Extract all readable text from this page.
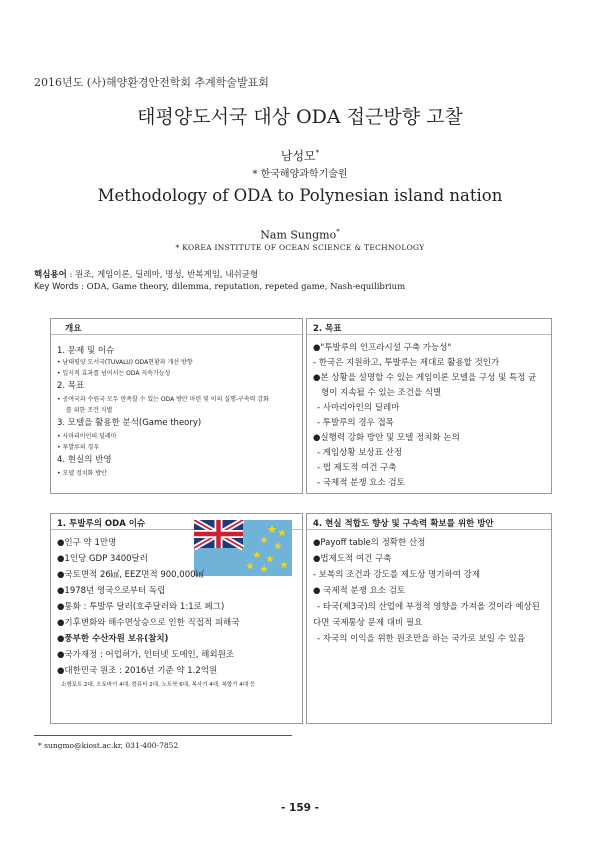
2016년도 (사)해양환경안전학회 추계학술발표회
태평양도서국 대상 ODA 접근방향 고찰
남성모*
* 한국해양과학기술원
Methodology of ODA to Polynesian island nation
Nam Sungmo*
* KOREA INSTITUTE OF OCEAN SCIENCE & TECHNOLOGY
핵심용어 : 원조, 게임이론, 딜레마, 명성, 반복게임, 내쉬균형
Key Words : ODA, Game theory, dilemma, reputation, repeted game, Nash-equilibrium
개요
1. 문제 및 이슈
• 남태평양 도서국(TUVALU) ODA현황과 개선 방향
• 일시적 효과를 넘어서는 ODA 지속가능성
2. 목표
• 공여국과 수원국 모두 만족할 수 있는 ODA 방안 마련 및 이의 실행-구속력 강화
를 위한 조건 식별
3. 모델을 활용한 분석(Game theory)
• 사마리아인의 딜레마
• 투발루의 경우
4. 현실의 반영
• 모델 정치화 방안
2. 목표
●"투발루의 인프라시설 구축 가능성"
- 한국은 지원하고, 투발루는 제대로 활용할 것인가
●본 상황을 설명할 수 있는 게임이론 모델을 구성 및 특정 균
형이 지속될 수 있는 조건을 식별
- 사마리아인의 딜레마
- 투발루의 경우 접목
●실행력 강화 방안 및 모델 정치화 논의
- 게임상황 보상표 산정
- 법 제도적 여건 구축
- 국제적 분쟁 요소 검토
1. 투발루의 ODA 이슈
●인구 약 1만명
●1인당 GDP 3400달러
●국토면적 26㎢, EEZ면적 900,000㎢
●1978년 영국으로부터 독립
●통화 : 투발루 달러(호주달러와 1:1로 페그)
●기후변화와 해수면상승으로 인한 직접적 피해국
●풍부한 수산자원 보유(참치)
●국가재정 : 어업허가, 인터넷 도메인, 해외원조
●대한민국 원조 : 2016년 기준 약 1.2억원
소형보트 2대, 오토바이 4대, 컴퓨터 2대, 노트북 6대, 복사기 4대, 복합기 4대 등
4. 현실 적합도 향상 및 구속력 확보를 위한 방안
●Payoff table의 정확한 산정
●법제도적 여건 구축
- 보복의 조건과 강도를 제도상 명기하여 강제
● 국제적 분쟁 요소 검토
- 타국(제3국)의 산업에 부정적 영향을 가져올 것이라 예상된
다면 국제통상 문제 대비 필요
- 자국의 이익을 위한 원조만을 하는 국가로 보일 수 있음
* sungmo@kiost.ac.kr, 031-400-7852
- 159 -
